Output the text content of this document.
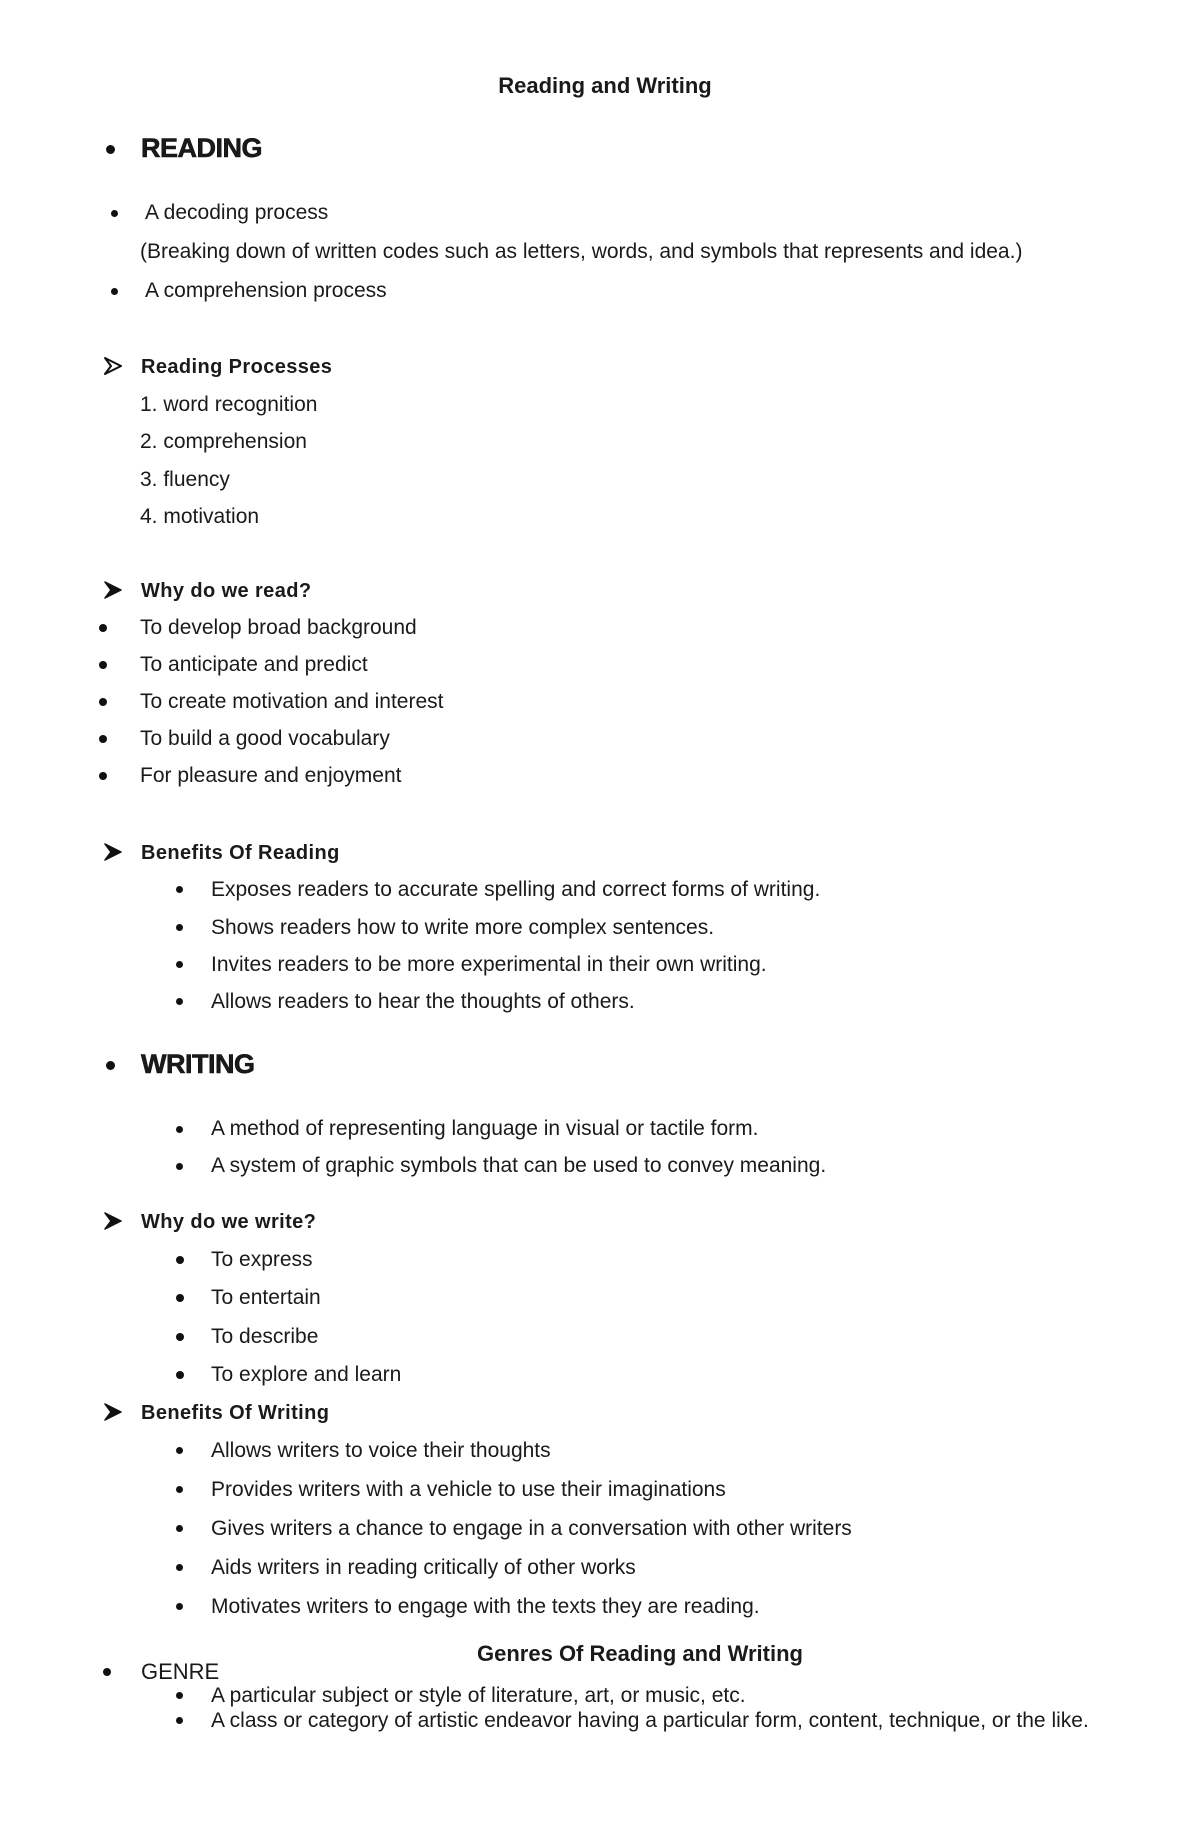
Reading and Writing
READING
A decoding process
(Breaking down of written codes such as letters, words, and symbols that represents and idea.)
A comprehension process
Reading Processes
1. word recognition
2. comprehension
3. fluency
4. motivation
Why do we read?
To develop broad background
To anticipate and predict
To create motivation and interest
To build a good vocabulary
For pleasure and enjoyment
Benefits Of Reading
Exposes readers to accurate spelling and correct forms of writing.
Shows readers how to write more complex sentences.
Invites readers to be more experimental in their own writing.
Allows readers to hear the thoughts of others.
WRITING
A method of representing language in visual or tactile form.
A system of graphic symbols that can be used to convey meaning.
Why do we write?
To express
To entertain
To describe
To explore and learn
Benefits Of Writing
Allows writers to voice their thoughts
Provides writers with a vehicle to use their imaginations
Gives writers a chance to engage in a conversation with other writers
Aids writers in reading critically of other works
Motivates writers to engage with the texts they are reading.
Genres Of Reading and Writing
GENRE
A particular subject or style of literature, art, or music, etc.
A class or category of artistic endeavor having a particular form, content, technique, or the like.
